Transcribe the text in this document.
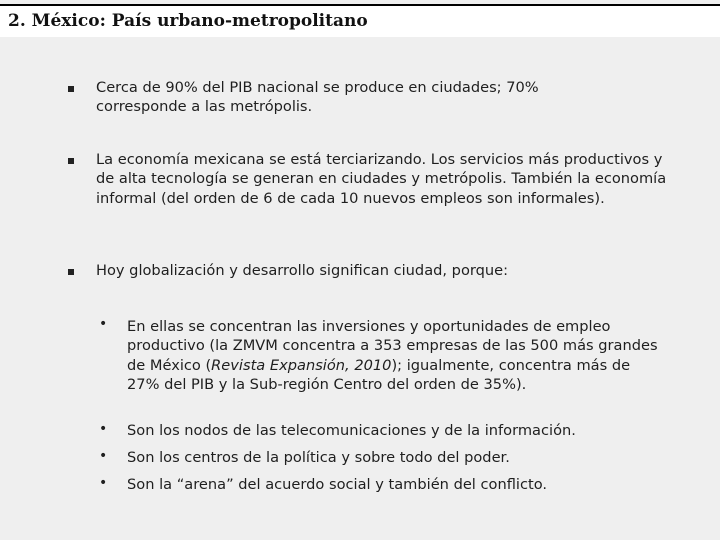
2. México: País urbano-metropolitano
Cerca de 90% del PIB nacional se produce en ciudades; 70% corresponde a las metrópolis.
La economía mexicana se está terciarizando. Los servicios más productivos y de alta tecnología se generan en ciudades y metrópolis. También la economía informal (del orden de 6 de cada 10 nuevos empleos son informales).
Hoy globalización y desarrollo significan ciudad, porque:
• En ellas se concentran las inversiones y oportunidades de empleo productivo (la ZMVM concentra a 353 empresas de las 500 más grandes de México (Revista Expansión, 2010); igualmente, concentra más de 27% del PIB y la Sub-región Centro del orden de 35%).
• Son los nodos de las telecomunicaciones y de la información.
• Son los centros de la política y sobre todo del poder.
• Son la “arena” del acuerdo social y también del conflicto.
